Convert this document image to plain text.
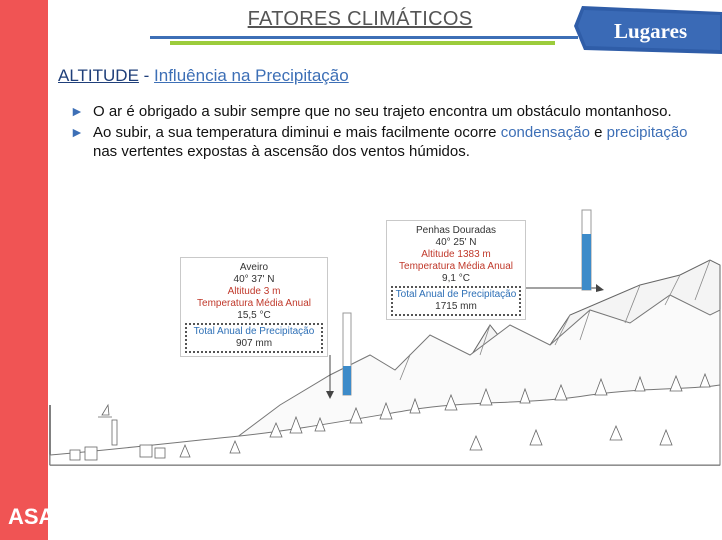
ASA
FATORES CLIMÁTICOS	Lugares
ALTITUDE - Influência na Precipitação
► O ar é obrigado a subir sempre que no seu trajeto encontra um obstáculo montanhoso.
► Ao subir, a sua temperatura diminui e mais facilmente ocorre condensação e precipitação nas vertentes expostas à ascensão dos ventos húmidos.
Aveiro
40° 37' N
Altitude 3 m
Temperatura Média Anual
15,5 °C
Total Anual de Precipitação
907 mm
Penhas Douradas
40° 25' N
Altitude 1383 m
Temperatura Média Anual
9,1 °C
Total Anual de Precipitação
1715 mm
